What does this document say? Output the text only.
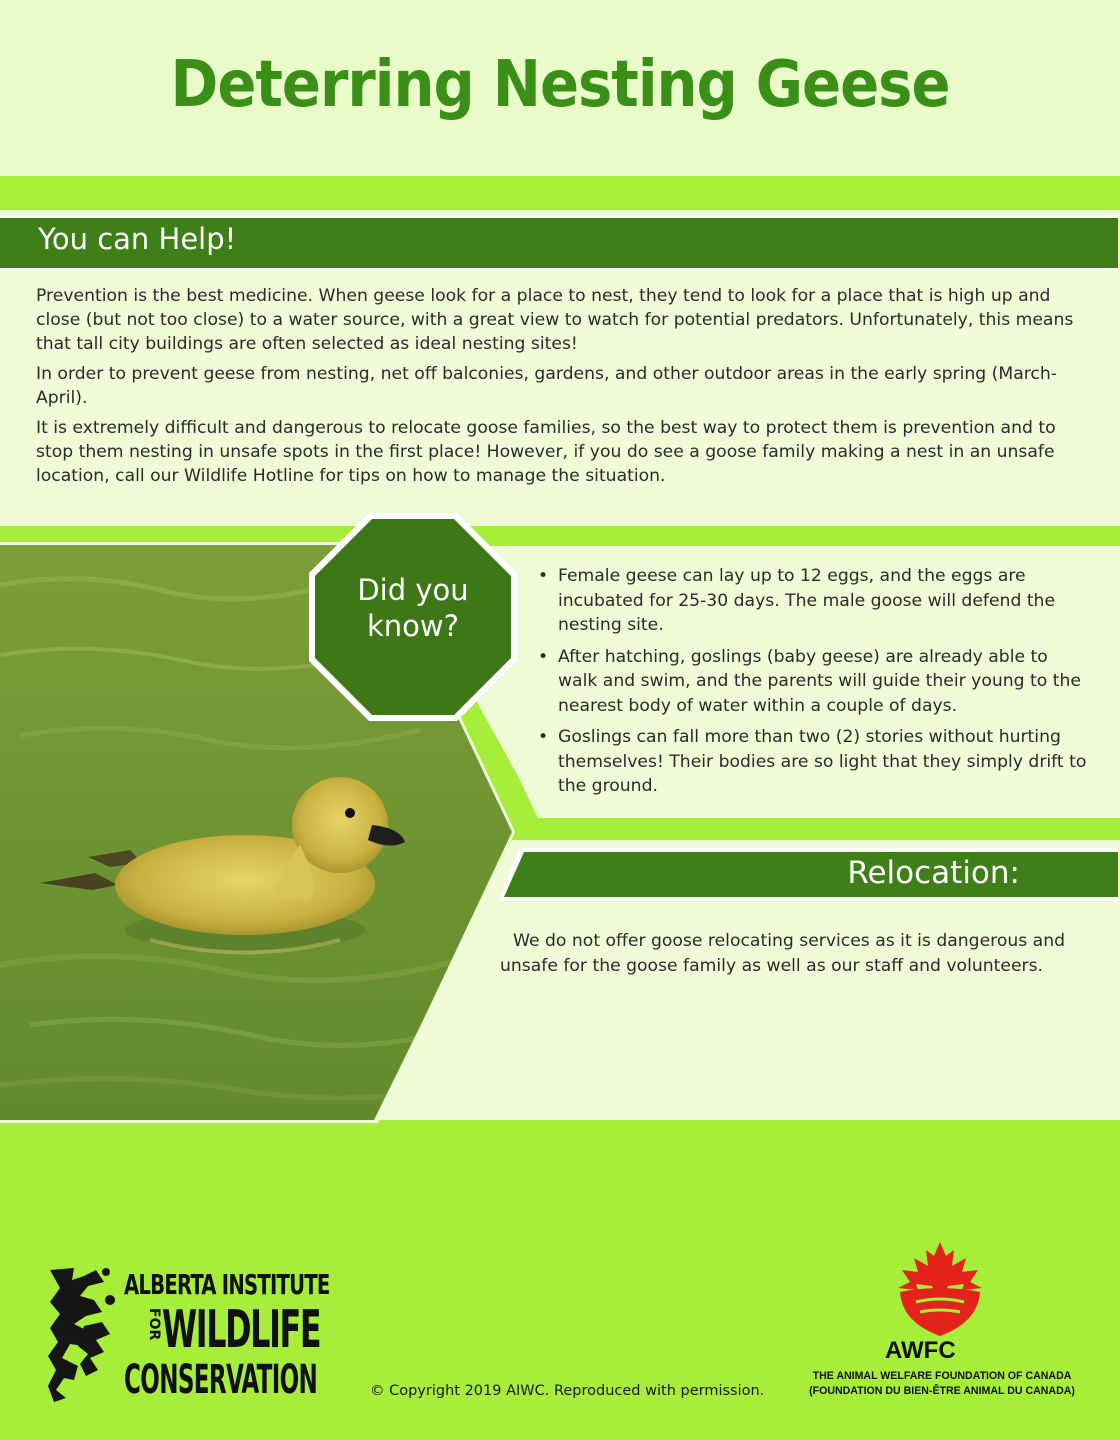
Deterring Nesting Geese
You can Help!

Prevention is the best medicine. When geese look for a place to nest, they tend to look for a place that is high up and close (but not too close) to a water source, with a great view to watch for potential predators. Unfortunately, this means that tall city buildings are often selected as ideal nesting sites!

In order to prevent geese from nesting, net off balconies, gardens, and other outdoor areas in the early spring (March-April).

It is extremely difficult and dangerous to relocate goose families, so the best way to protect them is prevention and to stop them nesting in unsafe spots in the first place! However, if you do see a goose family making a nest in an unsafe location, call our Wildlife Hotline for tips on how to manage the situation.

• Female geese can lay up to 12 eggs, and the eggs are incubated for 25-30 days. The male goose will defend the nesting site.
• After hatching, goslings (baby geese) are already able to walk and swim, and the parents will guide their young to the nearest body of water within a couple of days.
• Goslings can fall more than two (2) stories without hurting themselves! Their bodies are so light that they simply drift to the ground.
Did you
know?
Relocation:
We do not offer goose relocating services as it is dangerous and unsafe for the goose family as well as our staff and volunteers.
ALBERTA INSTITUTE
FOR WILDLIFE
CONSERVATION	© Copyright 2019 AIWC. Reproduced with permission.
AWFC
THE ANIMAL WELFARE FOUNDATION OF CANADA
(FOUNDATION DU BIEN-ÊTRE ANIMAL DU CANADA)
